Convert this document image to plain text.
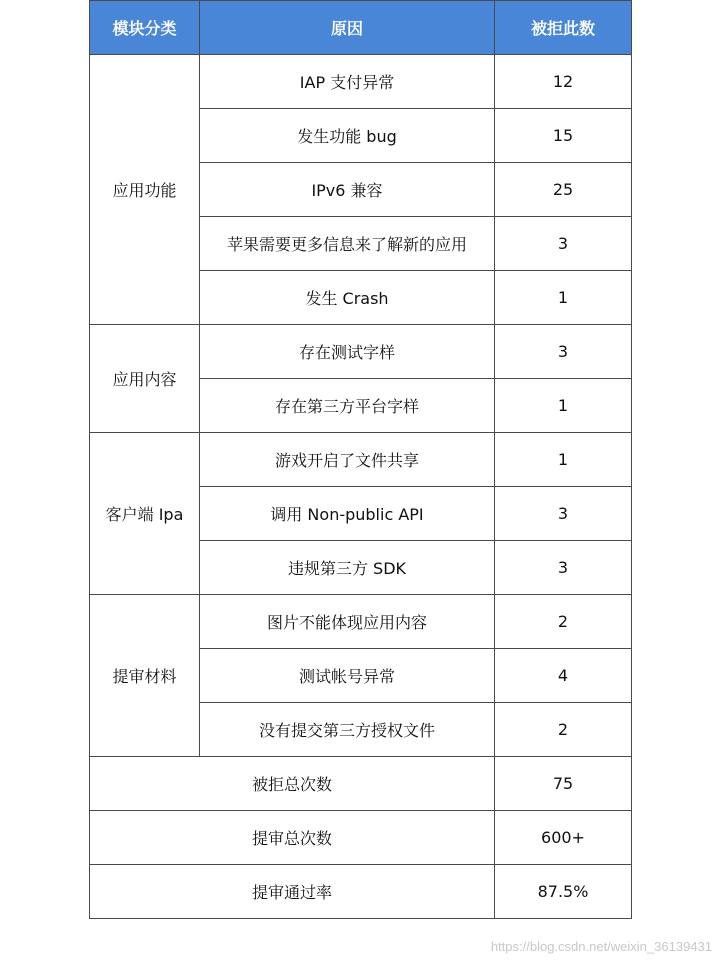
模块分类	原因	被拒此数
应用功能	IAP 支付异常	12
	发生功能 bug	15
	IPv6 兼容	25
	苹果需要更多信息来了解新的应用	3
	发生 Crash	1
应用内容	存在测试字样	3
	存在第三方平台字样	1
客户端 Ipa	游戏开启了文件共享	1
	调用 Non-public API	3
	违规第三方 SDK	3
提审材料	图片不能体现应用内容	2
	测试帐号异常	4
	没有提交第三方授权文件	2
被拒总次数		75
提审总次数		600+
提审通过率		87.5%
https://blog.csdn.net/weixin_36139431
